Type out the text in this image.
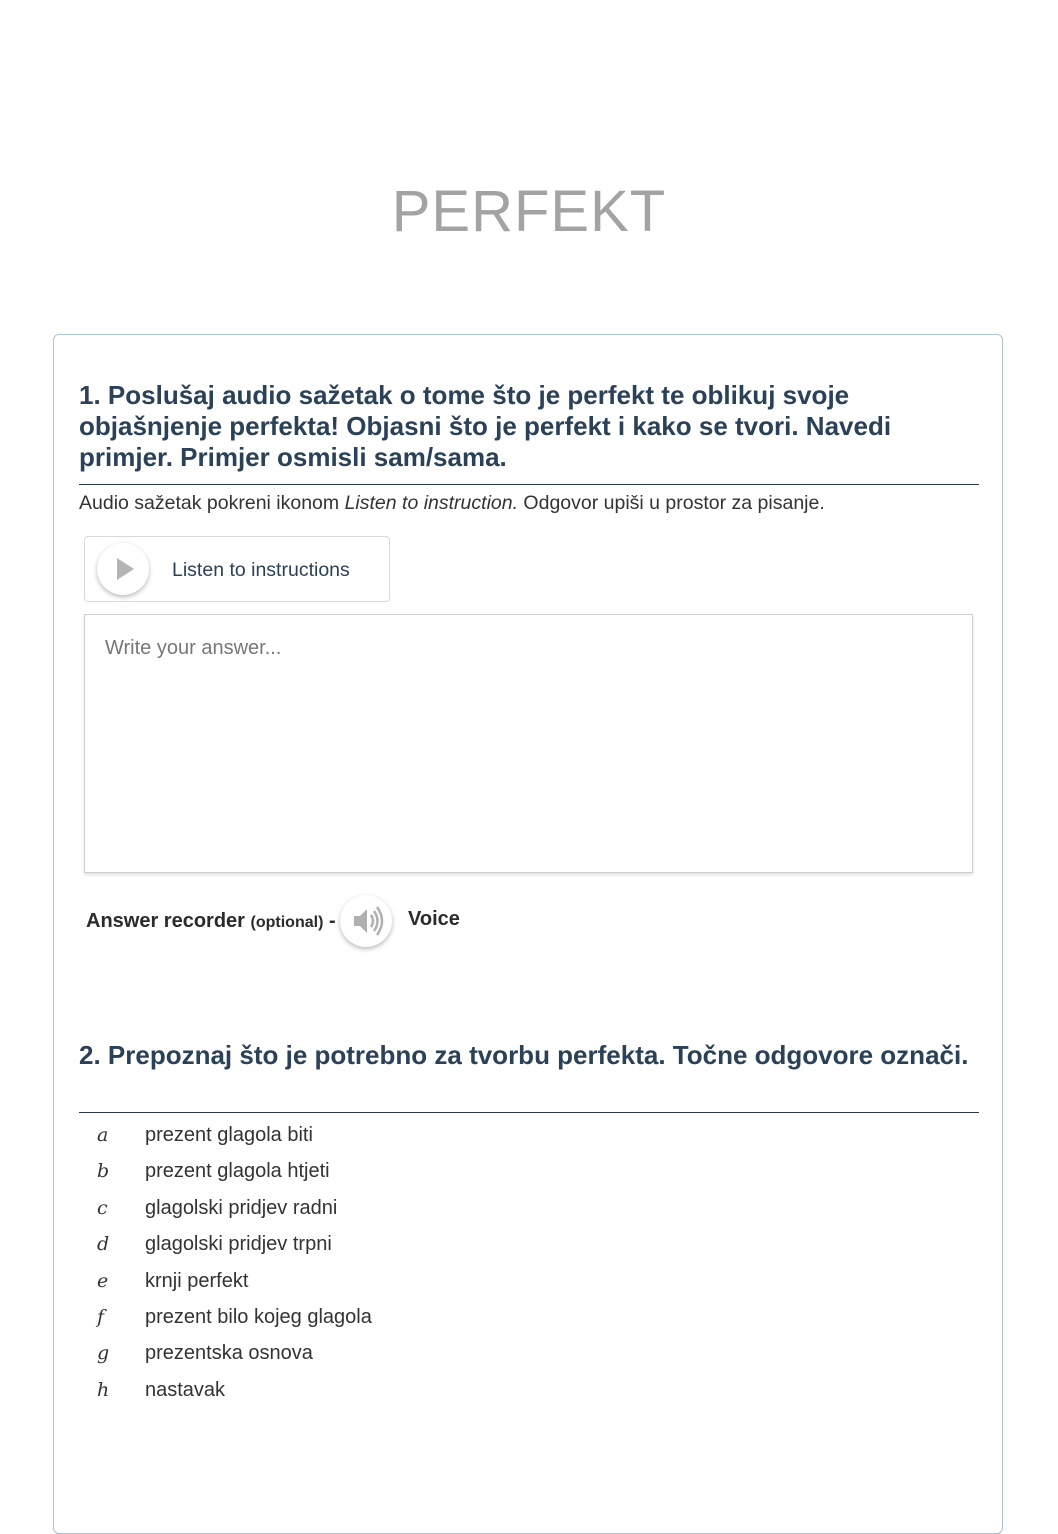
PERFEKT
1. Poslušaj audio sažetak o tome što je perfekt te oblikuj svoje objašnjenje perfekta! Objasni što je perfekt i kako se tvori. Navedi primjer. Primjer osmisli sam/sama.
Audio sažetak pokreni ikonom Listen to instruction. Odgovor upiši u prostor za pisanje.
Listen to instructions
Write your answer...
Answer recorder (optional) -	Voice
2. Prepoznaj što je potrebno za tvorbu perfekta. Točne odgovore označi.
a	prezent glagola biti
b	prezent glagola htjeti
c	glagolski pridjev radni
d	glagolski pridjev trpni
e	krnji perfekt
f	prezent bilo kojeg glagola
g	prezentska osnova
h	nastavak
